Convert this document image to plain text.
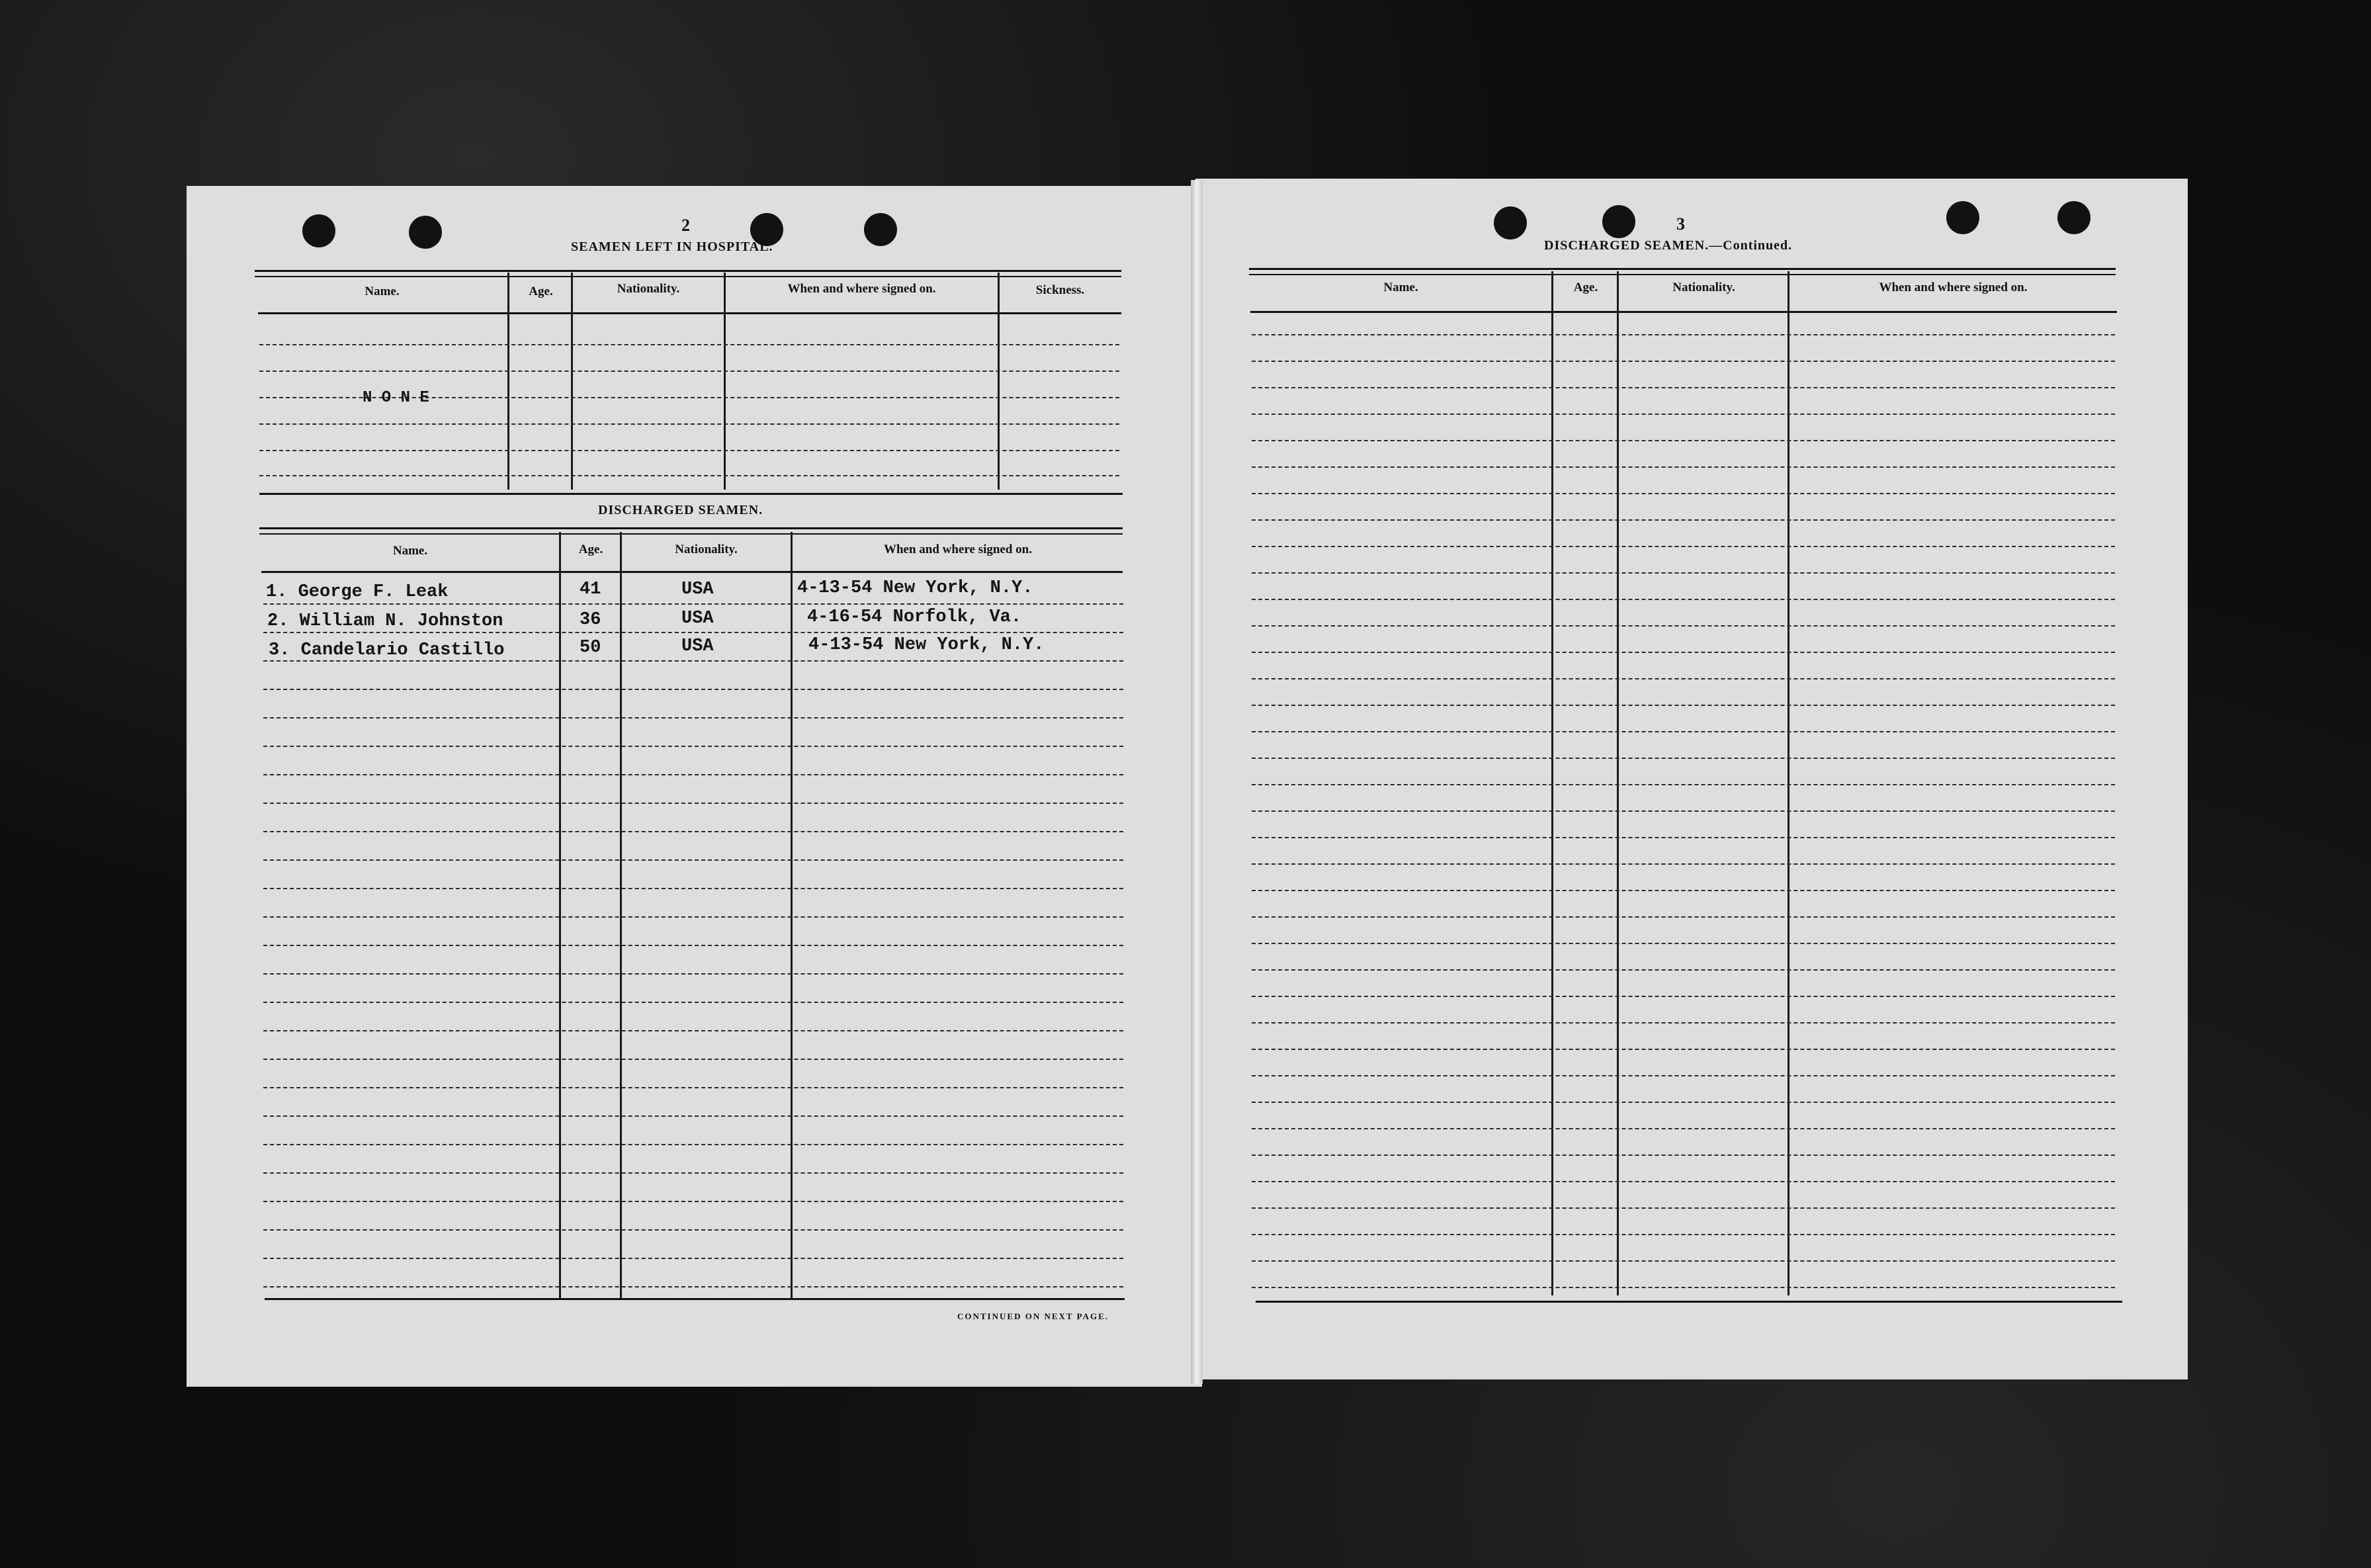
2
SEAMEN LEFT IN HOSPITAL.
Name.	Age.	Nationality.	When and where signed on.	Sickness.
N O N E
DISCHARGED SEAMEN.
Name.	Age.	Nationality.	When and where signed on.
1. George F. Leak	41	USA	4-13-54 New York, N.Y.
2. William N. Johnston	36	USA	4-16-54 Norfolk, Va.
3. Candelario Castillo	50	USA	4-13-54 New York, N.Y.
CONTINUED ON NEXT PAGE.
3
DISCHARGED SEAMEN.—Continued.
Name.	Age.	Nationality.	When and where signed on.
